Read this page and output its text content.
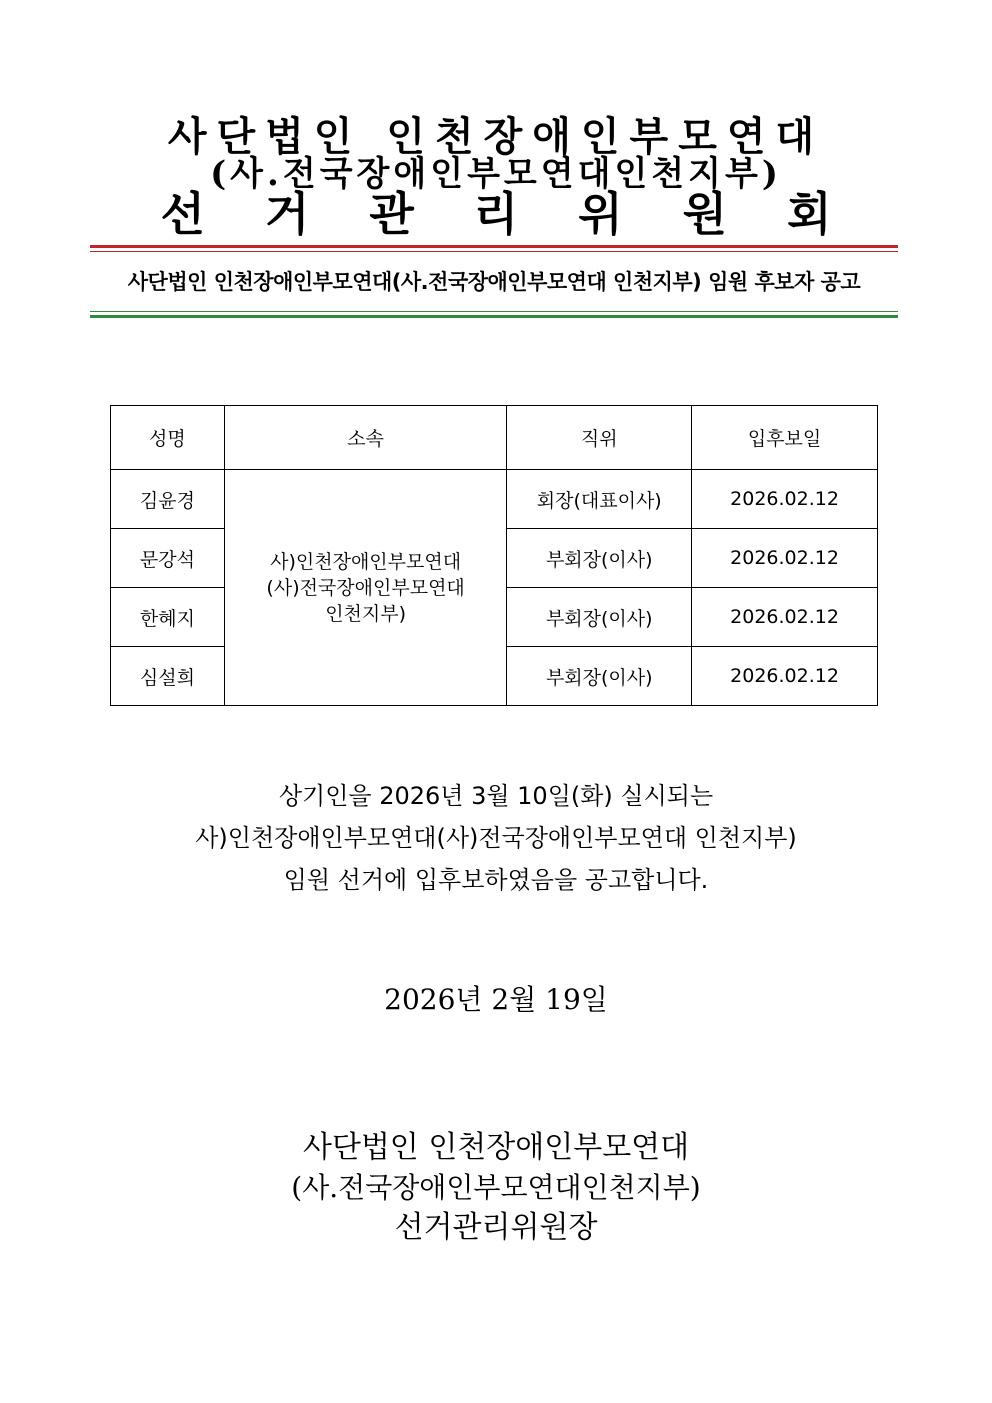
사단법인 인천장애인부모연대
(사.전국장애인부모연대인천지부)
선거관리위원회
사단법인 인천장애인부모연대(사.전국장애인부모연대 인천지부) 임원 후보자 공고
성명	소속	직위	입후보일
김윤경	사)인천장애인부모연대
(사)전국장애인부모연대
인천지부)	회장(대표이사)	2026.02.12
문강석		부회장(이사)	2026.02.12
한혜지		부회장(이사)	2026.02.12
심설희		부회장(이사)	2026.02.12
상기인을 2026년 3월 10일(화) 실시되는
사)인천장애인부모연대(사)전국장애인부모연대 인천지부)
임원 선거에 입후보하였음을 공고합니다.
2026년 2월 19일
사단법인 인천장애인부모연대
(사.전국장애인부모연대인천지부)
선거관리위원장
